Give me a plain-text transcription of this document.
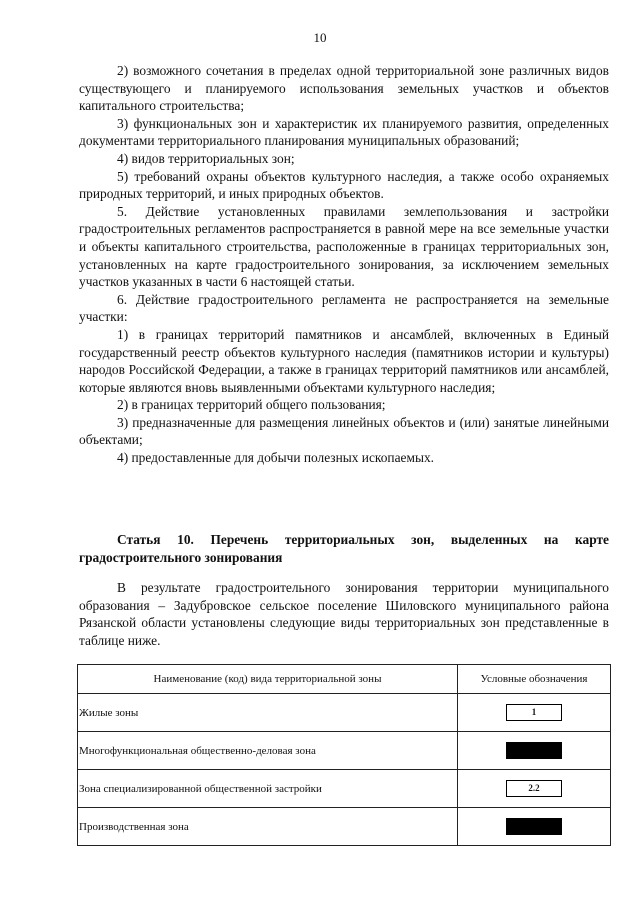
10

2) возможного сочетания в пределах одной территориальной зоне различных видов существующего и планируемого использования земельных участков и объектов капитального строительства;

3) функциональных зон и характеристик их планируемого развития, определенных документами территориального планирования муниципальных образований;

4) видов территориальных зон;

5) требований охраны объектов культурного наследия, а также особо охраняемых природных территорий, и иных природных объектов.

5. Действие установленных правилами землепользования и застройки градостроительных регламентов распространяется в равной мере на все земельные участки и объекты капитального строительства, расположенные в границах территориальных зон, установленных на карте градостроительного зонирования, за исключением земельных участков указанных в части 6 настоящей статьи.

6. Действие градостроительного регламента не распространяется на земельные участки:

1) в границах территорий памятников и ансамблей, включенных в Единый государственный реестр объектов культурного наследия (памятников истории и культуры) народов Российской Федерации, а также в границах территорий памятников или ансамблей, которые являются вновь выявленными объектами культурного наследия;

2) в границах территорий общего пользования;

3) предназначенные для размещения линейных объектов и (или) занятые линейными объектами;

4) предоставленные для добычи полезных ископаемых.

Статья 10. Перечень территориальных зон, выделенных на карте градостроительного зонирования
В результате градостроительного зонирования территории муниципального образования – Задубровское сельское поселение Шиловского муниципального района Рязанской области установлены следующие виды территориальных зон представленные в таблице ниже.
Наименование (код) вида территориальной зоны	Условные обозначения
Жилые зоны	1
Многофункциональная общественно-деловая зона	
Зона специализированной общественной застройки	2.2
Производственная зона	
